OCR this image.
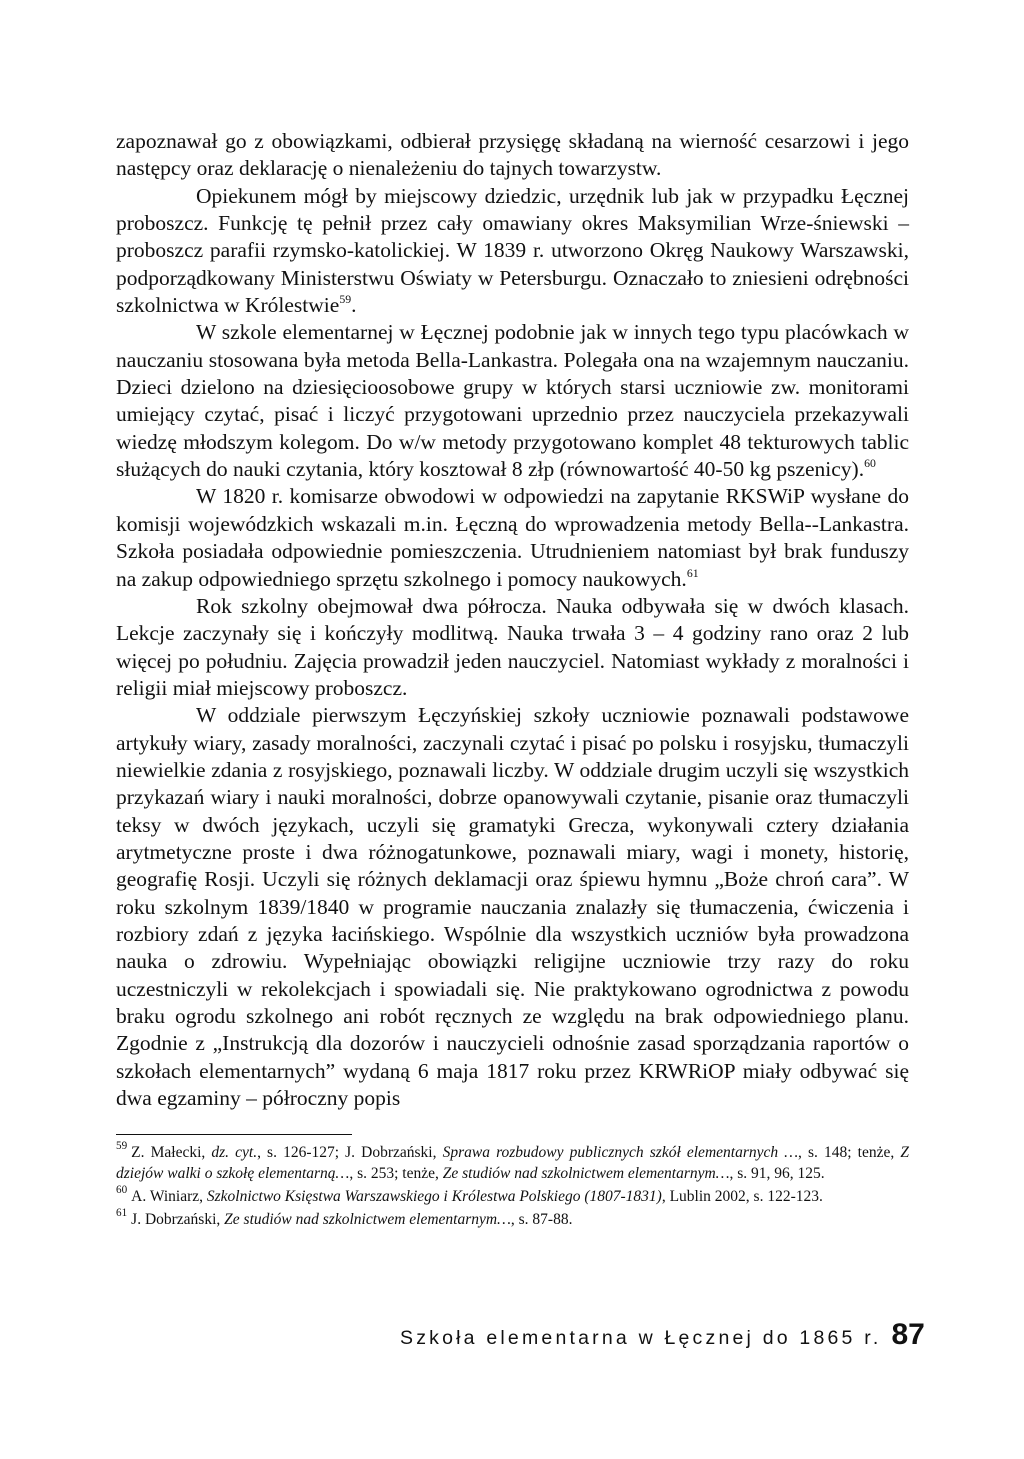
zapoznawał go z obowiązkami, odbierał przysięgę składaną na wierność cesarzowi i jego następcy oraz deklarację o nienależeniu do tajnych towarzystw.

Opiekunem mógł by miejscowy dziedzic, urzędnik lub jak w przypadku Łęcznej proboszcz. Funkcję tę pełnił przez cały omawiany okres Maksymilian Wrze-śniewski – proboszcz parafii rzymsko-katolickiej. W 1839 r. utworzono Okręg Naukowy Warszawski, podporządkowany Ministerstwu Oświaty w Petersburgu. Oznaczało to zniesieni odrębności szkolnictwa w Królestwie$^{59}$.

W szkole elementarnej w Łęcznej podobnie jak w innych tego typu placówkach w nauczaniu stosowana była metoda Bella-Lankastra. Polegała ona na wzajemnym nauczaniu. Dzieci dzielono na dziesięcioosobowe grupy w których starsi uczniowie zw. monitorami umiejący czytać, pisać i liczyć przygotowani uprzednio przez nauczyciela przekazywali wiedzę młodszym kolegom. Do w/w metody przygotowano komplet 48 tekturowych tablic służących do nauki czytania, który kosztował 8 złp (równowartość 40-50 kg pszenicy).$^{60}$

W 1820 r. komisarze obwodowi w odpowiedzi na zapytanie RKSWiP wysłane do komisji wojewódzkich wskazali m.in. Łęczną do wprowadzenia metody Bella--Lankastra. Szkoła posiadała odpowiednie pomieszczenia. Utrudnieniem natomiast był brak funduszy na zakup odpowiedniego sprzętu szkolnego i pomocy naukowych.$^{61}$

Rok szkolny obejmował dwa półrocza. Nauka odbywała się w dwóch klasach. Lekcje zaczynały się i kończyły modlitwą. Nauka trwała 3 – 4 godziny rano oraz 2 lub więcej po południu. Zajęcia prowadził jeden nauczyciel. Natomiast wykłady z moralności i religii miał miejscowy proboszcz.

W oddziale pierwszym Łęczyńskiej szkoły uczniowie poznawali podstawowe artykuły wiary, zasady moralności, zaczynali czytać i pisać po polsku i rosyjsku, tłumaczyli niewielkie zdania z rosyjskiego, poznawali liczby. W oddziale drugim uczyli się wszystkich przykazań wiary i nauki moralności, dobrze opanowywali czytanie, pisanie oraz tłumaczyli teksy w dwóch językach, uczyli się gramatyki Grecza, wykonywali cztery działania arytmetyczne proste i dwa różnogatunkowe, poznawali miary, wagi i monety, historię, geografię Rosji. Uczyli się różnych deklamacji oraz śpiewu hymnu „Boże chroń cara”. W roku szkolnym 1839/1840 w programie nauczania znalazły się tłumaczenia, ćwiczenia i rozbiory zdań z języka łacińskiego. Wspólnie dla wszystkich uczniów była prowadzona nauka o zdrowiu. Wypełniając obowiązki religijne uczniowie trzy razy do roku uczestniczyli w rekolekcjach i spowiadali się. Nie praktykowano ogrodnictwa z powodu braku ogrodu szkolnego ani robót ręcznych ze względu na brak odpowiedniego planu. Zgodnie z „Instrukcją dla dozorów i nauczycieli odnośnie zasad sporządzania raportów o szkołach elementarnych” wydaną 6 maja 1817 roku przez KRWRiOP miały odbywać się dwa egzaminy – półroczny popis

$^{59}$ Z. Małecki, dz. cyt., s. 126-127; J. Dobrzański, Sprawa rozbudowy publicznych szkół elementarnych …, s. 148; tenże, Z dziejów walki o szkołę elementarną…, s. 253; tenże, Ze studiów nad szkolnictwem elementarnym…, s. 91, 96, 125.

$^{60}$ A. Winiarz, Szkolnictwo Księstwa Warszawskiego i Królestwa Polskiego (1807-1831), Lublin 2002, s. 122-123.

$^{61}$ J. Dobrzański, Ze studiów nad szkolnictwem elementarnym…, s. 87-88.

Szkoła elementarna w Łęcznej do 1865 r. 87
